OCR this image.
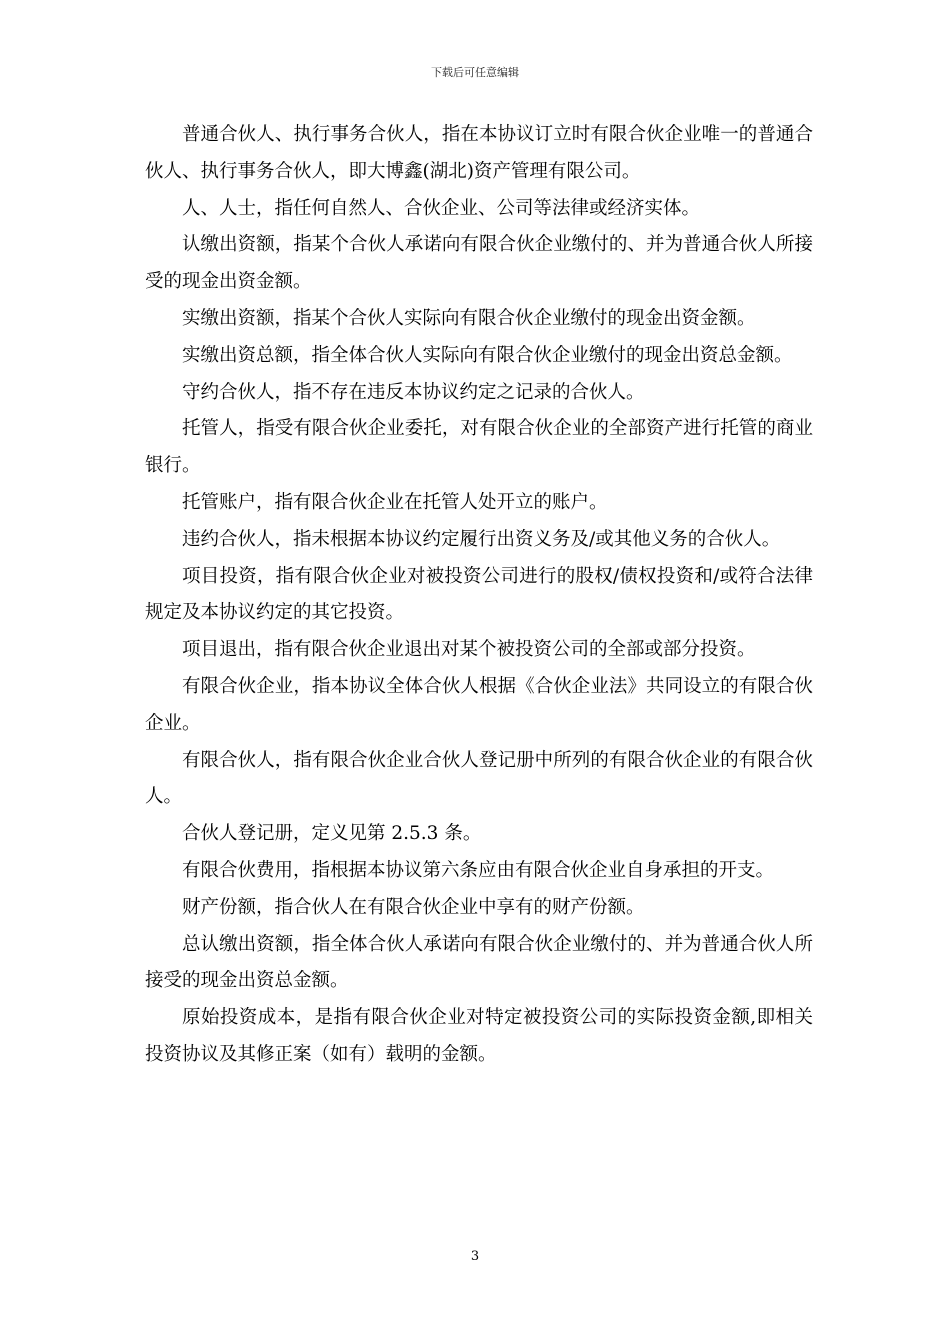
下载后可任意编辑

普通合伙人、执行事务合伙人，指在本协议订立时有限合伙企业唯一的普通合伙人、执行事务合伙人，即大博鑫(湖北)资产管理有限公司。

人、人士，指任何自然人、合伙企业、公司等法律或经济实体。

认缴出资额，指某个合伙人承诺向有限合伙企业缴付的、并为普通合伙人所接受的现金出资金额。

实缴出资额，指某个合伙人实际向有限合伙企业缴付的现金出资金额。

实缴出资总额，指全体合伙人实际向有限合伙企业缴付的现金出资总金额。

守约合伙人，指不存在违反本协议约定之记录的合伙人。

托管人，指受有限合伙企业委托，对有限合伙企业的全部资产进行托管的商业银行。

托管账户，指有限合伙企业在托管人处开立的账户。

违约合伙人，指未根据本协议约定履行出资义务及/或其他义务的合伙人。

项目投资，指有限合伙企业对被投资公司进行的股权/债权投资和/或符合法律规定及本协议约定的其它投资。

项目退出，指有限合伙企业退出对某个被投资公司的全部或部分投资。

有限合伙企业，指本协议全体合伙人根据《合伙企业法》共同设立的有限合伙企业。

有限合伙人，指有限合伙企业合伙人登记册中所列的有限合伙企业的有限合伙人。

合伙人登记册，定义见第 2.5.3 条。

有限合伙费用，指根据本协议第六条应由有限合伙企业自身承担的开支。

财产份额，指合伙人在有限合伙企业中享有的财产份额。

总认缴出资额，指全体合伙人承诺向有限合伙企业缴付的、并为普通合伙人所接受的现金出资总金额。

原始投资成本，是指有限合伙企业对特定被投资公司的实际投资金额,即相关投资协议及其修正案（如有）载明的金额。

3
